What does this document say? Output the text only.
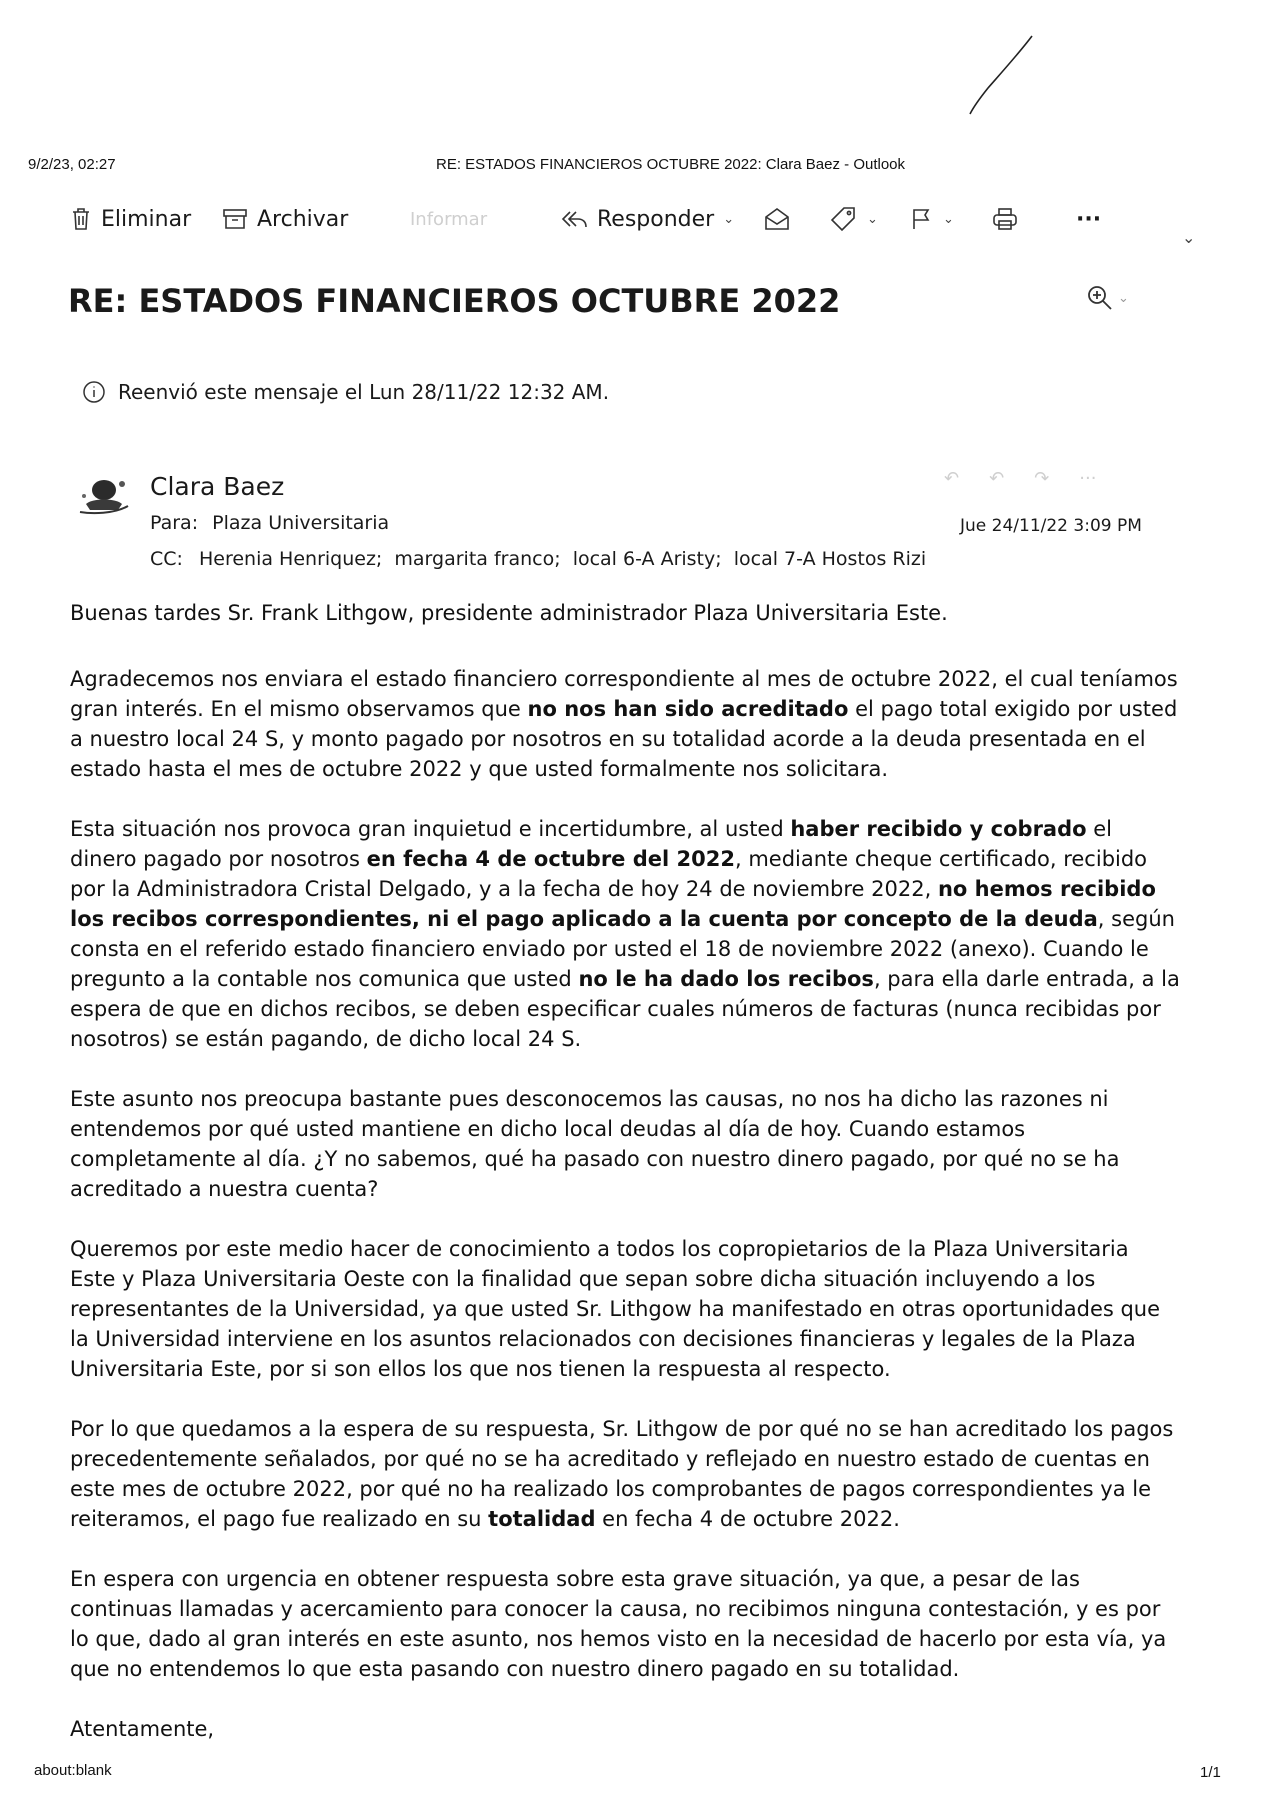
9/2/23, 02:27	RE: ESTADOS FINANCIEROS OCTUBRE 2022: Clara Baez - Outlook
Eliminar	Archivar	Informar	Responder ⌄	⌄	⌄	···
⌄
RE: ESTADOS FINANCIEROS OCTUBRE 2022	⌄
Reenvió este mensaje el Lun 28/11/22 12:32 AM.
Clara Baez
Para: Plaza Universitaria
CC: Herenia Henriquez;  margarita franco;  local 6-A Aristy;  local 7-A Hostos Rizi
Jue 24/11/22 3:09 PM
↶ ↶ ↷ ···

Buenas tardes Sr. Frank Lithgow, presidente administrador Plaza Universitaria Este.

Agradecemos nos enviara el estado financiero correspondiente al mes de octubre 2022, el cual teníamos gran interés. En el mismo observamos que no nos han sido acreditado el pago total exigido por usted a nuestro local 24 S, y monto pagado por nosotros en su totalidad acorde a la deuda presentada en el estado hasta el mes de octubre 2022 y que usted formalmente nos solicitara.

Esta situación nos provoca gran inquietud e incertidumbre, al usted haber recibido y cobrado el dinero pagado por nosotros en fecha 4 de octubre del 2022, mediante cheque certificado, recibido por la Administradora Cristal Delgado, y a la fecha de hoy 24 de noviembre 2022, no hemos recibido los recibos correspondientes, ni el pago aplicado a la cuenta por concepto de la deuda, según consta en el referido estado financiero enviado por usted el 18 de noviembre 2022 (anexo). Cuando le pregunto a la contable nos comunica que usted no le ha dado los recibos, para ella darle entrada, a la espera de que en dichos recibos, se deben especificar cuales números de facturas (nunca recibidas por nosotros) se están pagando, de dicho local 24 S.

Este asunto nos preocupa bastante pues desconocemos las causas, no nos ha dicho las razones ni entendemos por qué usted mantiene en dicho local deudas al día de hoy. Cuando estamos completamente al día. ¿Y no sabemos, qué ha pasado con nuestro dinero pagado, por qué no se ha acreditado a nuestra cuenta?

Queremos por este medio hacer de conocimiento a todos los copropietarios de la Plaza Universitaria Este y Plaza Universitaria Oeste con la finalidad que sepan sobre dicha situación incluyendo a los representantes de la Universidad, ya que usted Sr. Lithgow ha manifestado en otras oportunidades que la Universidad interviene en los asuntos relacionados con decisiones financieras y legales de la Plaza Universitaria Este, por si son ellos los que nos tienen la respuesta al respecto.

Por lo que quedamos a la espera de su respuesta, Sr. Lithgow de por qué no se han acreditado los pagos precedentemente señalados, por qué no se ha acreditado y reflejado en nuestro estado de cuentas en este mes de octubre 2022, por qué no ha realizado los comprobantes de pagos correspondientes ya le reiteramos, el pago fue realizado en su totalidad en fecha 4 de octubre 2022.

En espera con urgencia en obtener respuesta sobre esta grave situación, ya que, a pesar de las continuas llamadas y acercamiento para conocer la causa, no recibimos ninguna contestación, y es por lo que, dado al gran interés en este asunto, nos hemos visto en la necesidad de hacerlo por esta vía, ya que no entendemos lo que esta pasando con nuestro dinero pagado en su totalidad.

Atentamente,

about:blank	1/1
